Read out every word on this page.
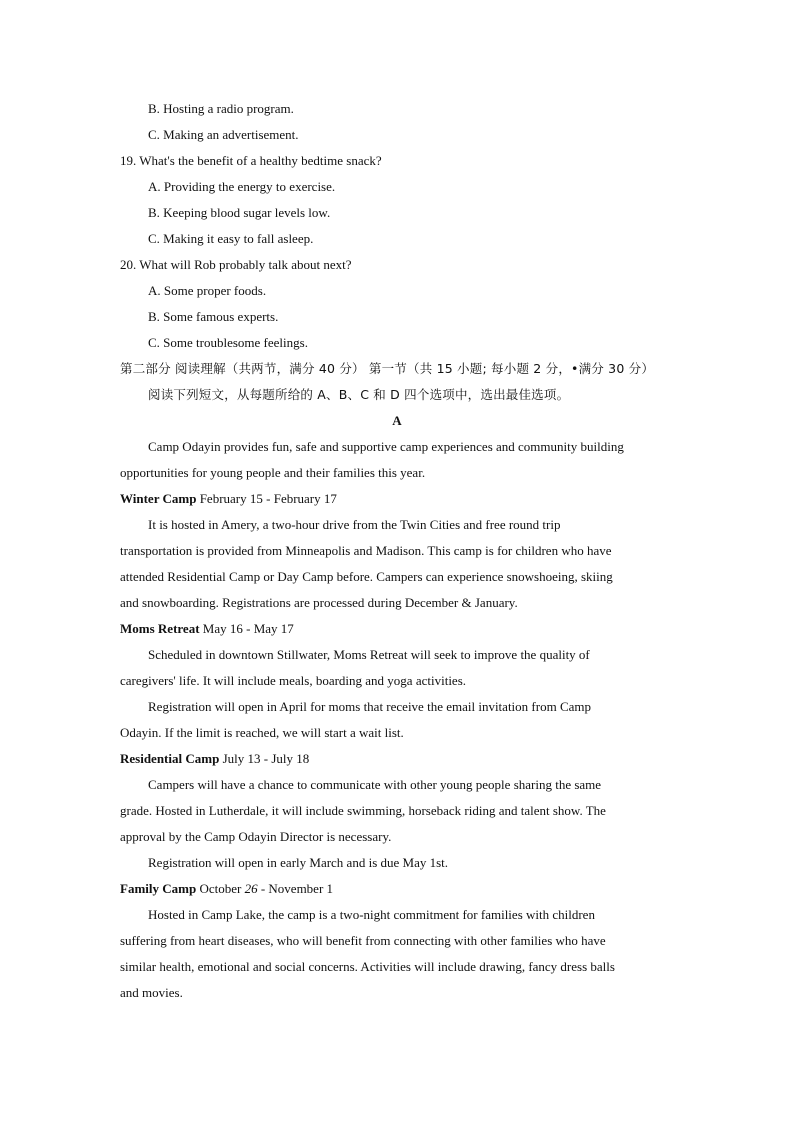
B. Hosting a radio program.
C. Making an advertisement.
19. What's the benefit of a healthy bedtime snack?
A. Providing the energy to exercise.
B. Keeping blood sugar levels low.
C. Making it easy to fall asleep.
20. What will Rob probably talk about next?
A. Some proper foods.
B. Some famous experts.
C. Some troublesome feelings.
第二部分 阅读理解（共两节，满分 40 分） 第一节（共 15 小题; 每小题 2 分，•满分 30 分）
阅读下列短文，从每题所给的 A、B、C 和 D 四个选项中，选出最佳选项。
A
Camp Odayin provides fun, safe and supportive camp experiences and community building
opportunities for young people and their families this year.
Winter Camp February 15 - February 17
It is hosted in Amery, a two-hour drive from the Twin Cities and free round trip
transportation is provided from Minneapolis and Madison. This camp is for children who have
attended Residential Camp or Day Camp before. Campers can experience snowshoeing, skiing
and snowboarding. Registrations are processed during December & January.
Moms Retreat May 16 - May 17
Scheduled in downtown Stillwater, Moms Retreat will seek to improve the quality of
caregivers' life. It will include meals, boarding and yoga activities.
Registration will open in April for moms that receive the email invitation from Camp
Odayin. If the limit is reached, we will start a wait list.
Residential Camp July 13 - July 18
Campers will have a chance to communicate with other young people sharing the same
grade. Hosted in Lutherdale, it will include swimming, horseback riding and talent show. The
approval by the Camp Odayin Director is necessary.
Registration will open in early March and is due May 1st.
Family Camp October 26 - November 1
Hosted in Camp Lake, the camp is a two-night commitment for families with children
suffering from heart diseases, who will benefit from connecting with other families who have
similar health, emotional and social concerns. Activities will include drawing, fancy dress balls
and movies.
